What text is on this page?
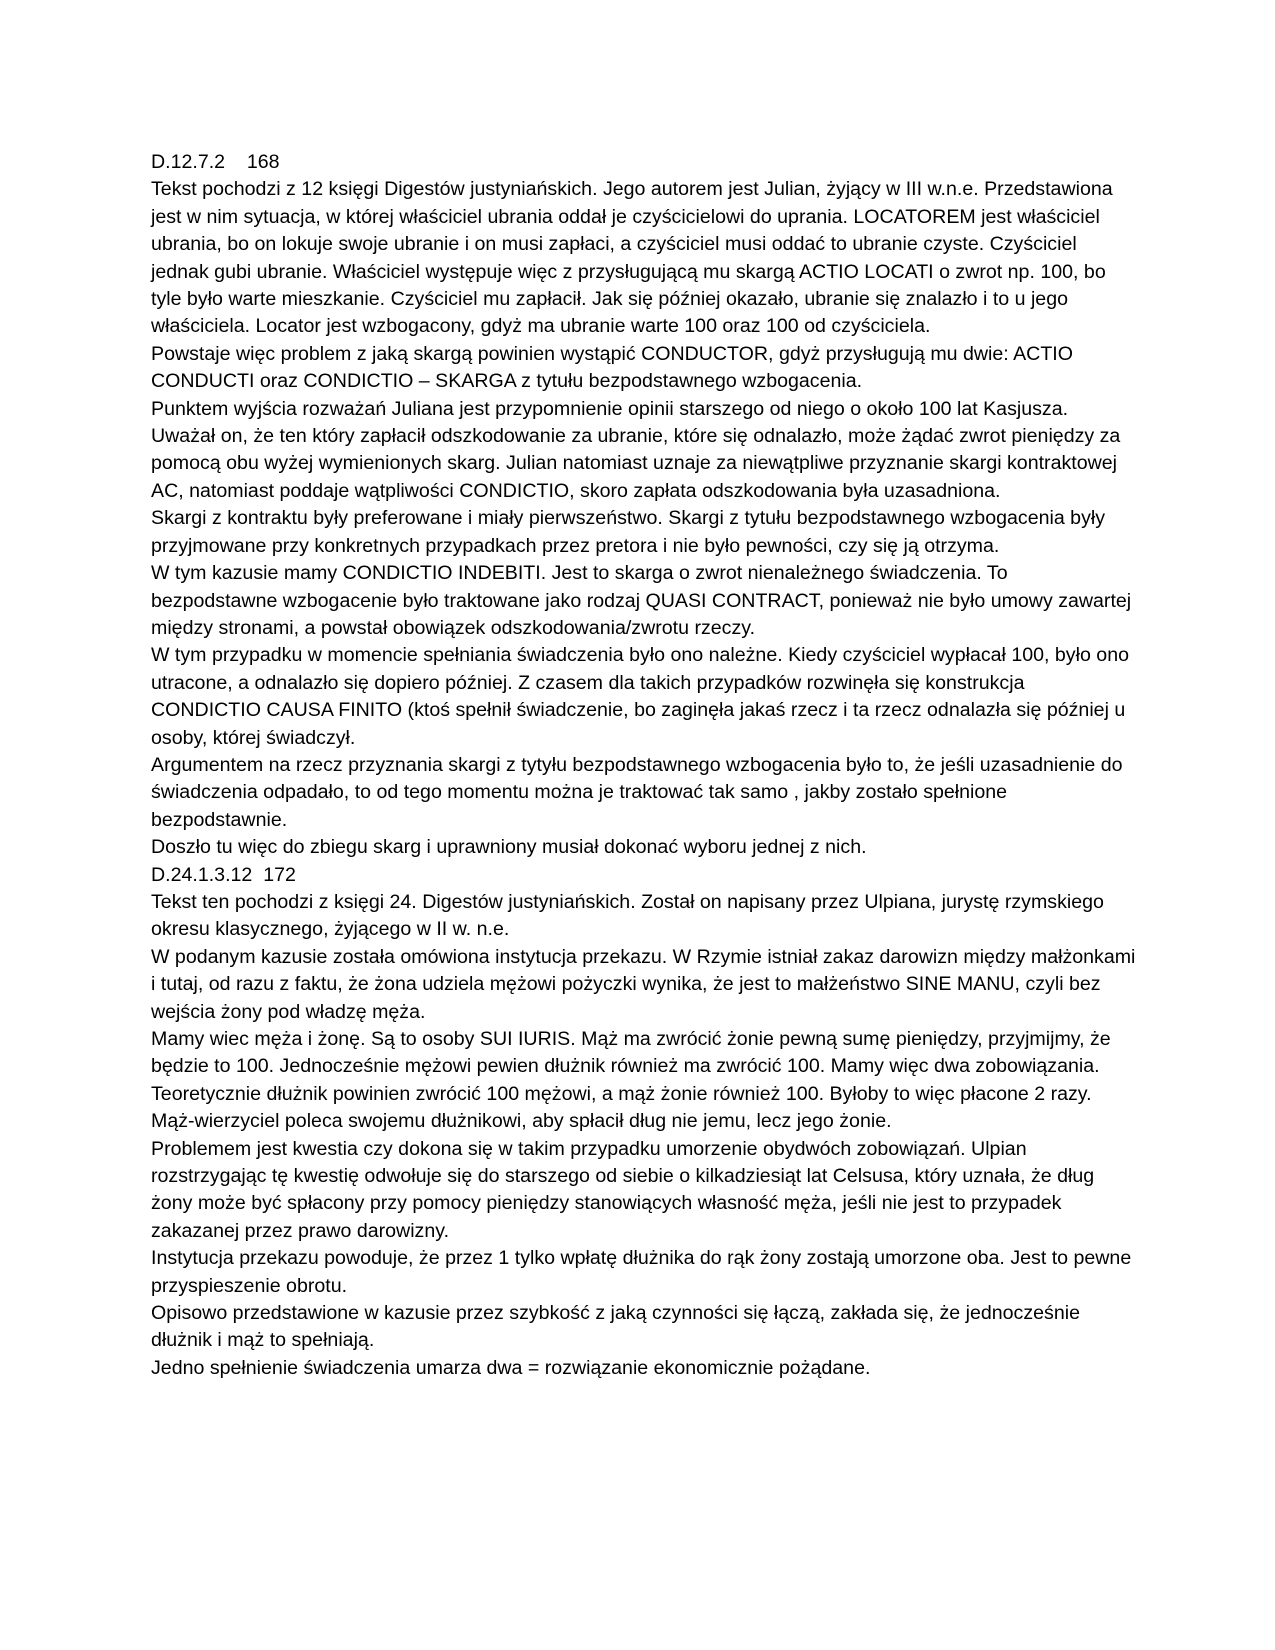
D.12.7.2    168

Tekst pochodzi z 12 księgi Digestów justyniańskich. Jego autorem jest Julian, żyjący w III w.n.e. Przedstawiona jest w nim sytuacja, w której właściciel ubrania oddał je czyścicielowi do uprania. LOCATOREM jest właściciel ubrania, bo on lokuje swoje ubranie i on musi zapłaci, a czyściciel musi oddać to ubranie czyste. Czyściciel jednak gubi ubranie. Właściciel występuje więc z przysługującą mu skargą ACTIO LOCATI o zwrot np. 100, bo tyle było warte mieszkanie. Czyściciel mu zapłacił. Jak się później okazało, ubranie się znalazło i to u jego właściciela. Locator jest wzbogacony, gdyż ma ubranie warte 100 oraz 100 od czyściciela.

Powstaje więc problem z jaką skargą powinien wystąpić CONDUCTOR, gdyż przysługują mu dwie: ACTIO CONDUCTI oraz CONDICTIO – SKARGA z tytułu bezpodstawnego wzbogacenia.

Punktem wyjścia rozważań Juliana jest przypomnienie opinii starszego od niego o około 100 lat Kasjusza. Uważał on, że ten który zapłacił odszkodowanie za ubranie, które się odnalazło, może żądać zwrot pieniędzy za pomocą obu wyżej wymienionych skarg. Julian natomiast uznaje za niewątpliwe przyznanie skargi kontraktowej AC, natomiast poddaje wątpliwości CONDICTIO, skoro zapłata odszkodowania była uzasadniona.

Skargi z kontraktu były preferowane i miały pierwszeństwo. Skargi z tytułu bezpodstawnego wzbogacenia były przyjmowane przy konkretnych przypadkach przez pretora i nie było pewności, czy się ją otrzyma.

W tym kazusie mamy CONDICTIO INDEBITI. Jest to skarga o zwrot nienależnego świadczenia. To bezpodstawne wzbogacenie było traktowane jako rodzaj QUASI CONTRACT, ponieważ nie było umowy zawartej między stronami, a powstał obowiązek odszkodowania/zwrotu rzeczy.

W tym przypadku w momencie spełniania świadczenia było ono należne. Kiedy czyściciel wypłacał 100, było ono utracone, a odnalazło się dopiero później. Z czasem dla takich przypadków rozwinęła się konstrukcja CONDICTIO CAUSA FINITO (ktoś spełnił świadczenie, bo zaginęła jakaś rzecz i ta rzecz odnalazła się później u osoby, której świadczył.

Argumentem na rzecz przyznania skargi z tytyłu bezpodstawnego wzbogacenia było to, że jeśli uzasadnienie do świadczenia odpadało, to od tego momentu można je traktować tak samo , jakby zostało spełnione bezpodstawnie.

Doszło tu więc do zbiegu skarg i uprawniony musiał dokonać wyboru jednej z nich.

D.24.1.3.12  172

Tekst ten pochodzi z księgi 24. Digestów justyniańskich. Został on napisany przez Ulpiana, jurystę rzymskiego okresu klasycznego, żyjącego w II w. n.e.

W podanym kazusie została omówiona instytucja przekazu. W Rzymie istniał zakaz darowizn między małżonkami i tutaj, od razu z faktu, że żona udziela mężowi pożyczki wynika, że jest to małżeństwo SINE MANU, czyli bez wejścia żony pod władzę męża.

Mamy wiec męża i żonę. Są to osoby SUI IURIS. Mąż ma zwrócić żonie pewną sumę pieniędzy, przyjmijmy, że będzie to 100. Jednocześnie mężowi pewien dłużnik również ma zwrócić 100. Mamy więc dwa zobowiązania. Teoretycznie dłużnik powinien zwrócić 100 mężowi, a mąż żonie również 100. Byłoby to więc płacone 2 razy.

Mąż-wierzyciel poleca swojemu dłużnikowi, aby spłacił dług nie jemu, lecz jego żonie.

Problemem jest kwestia czy dokona się w takim przypadku umorzenie obydwóch zobowiązań. Ulpian rozstrzygając tę kwestię odwołuje się do starszego od siebie o kilkadziesiąt lat Celsusa, który uznała, że dług żony może być spłacony przy pomocy pieniędzy stanowiących własność męża, jeśli nie jest to przypadek zakazanej przez prawo darowizny.

Instytucja przekazu powoduje, że przez 1 tylko wpłatę dłużnika do rąk żony zostają umorzone oba. Jest to pewne przyspieszenie obrotu.

Opisowo przedstawione w kazusie przez szybkość z jaką czynności się łączą, zakłada się, że jednocześnie dłużnik i mąż to spełniają.

Jedno spełnienie świadczenia umarza dwa = rozwiązanie ekonomicznie pożądane.
